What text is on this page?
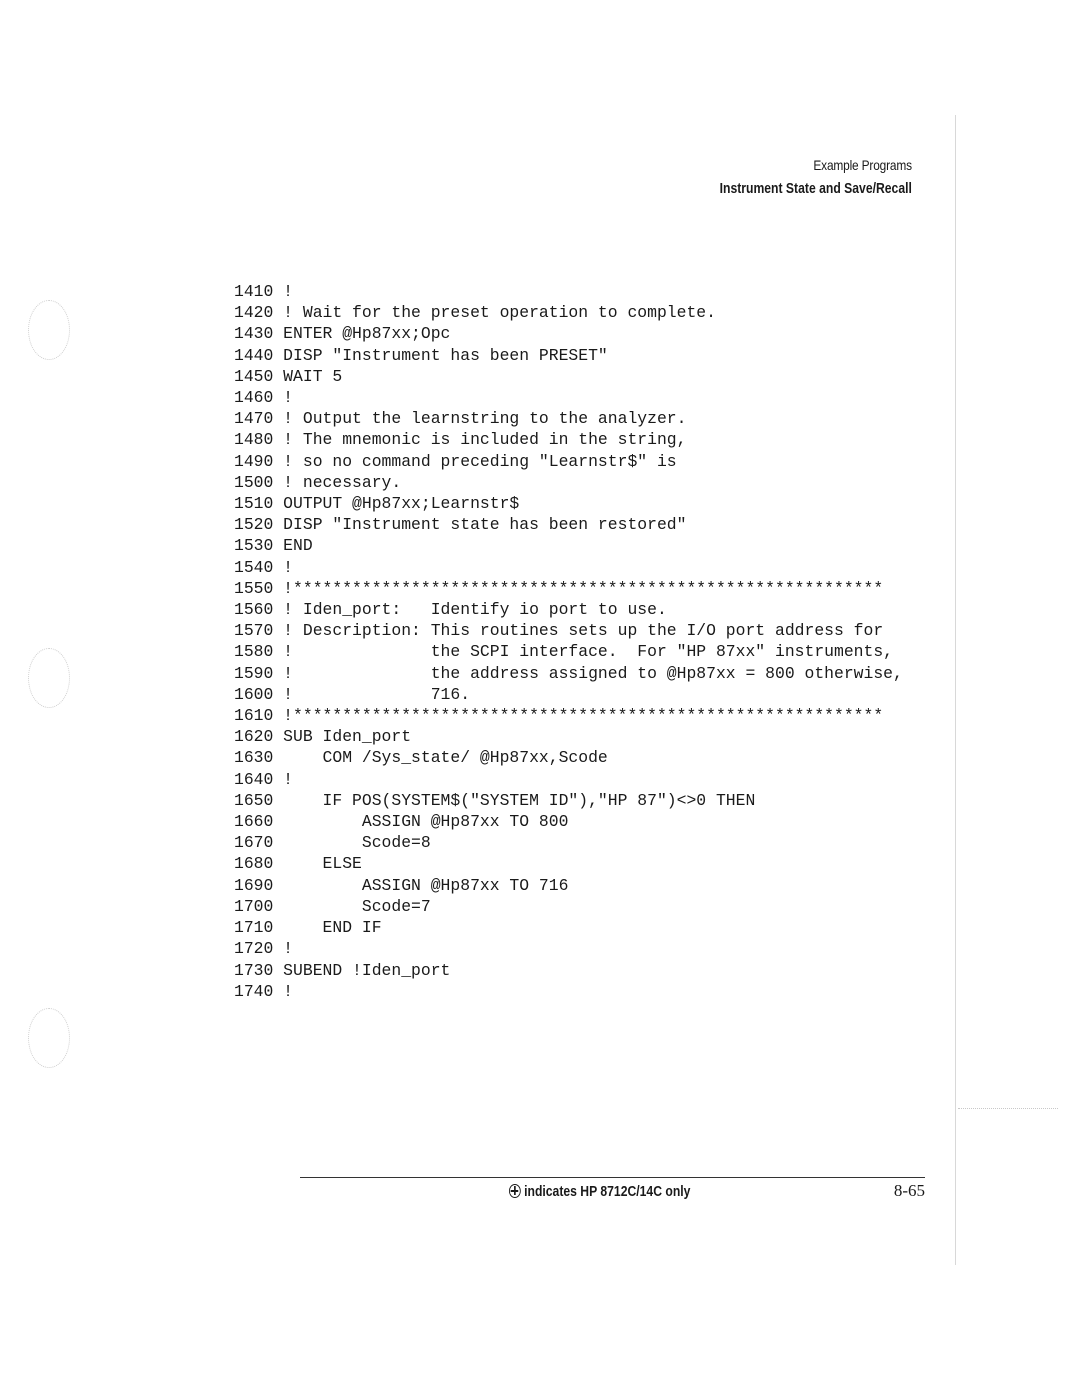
Example Programs
Instrument State and Save/Recall
1410 !
1420 ! Wait for the preset operation to complete.
1430 ENTER @Hp87xx;Opc
1440 DISP "Instrument has been PRESET"
1450 WAIT 5
1460 !
1470 ! Output the learnstring to the analyzer.
1480 ! The mnemonic is included in the string,
1490 ! so no command preceding "Learnstr$" is
1500 ! necessary.
1510 OUTPUT @Hp87xx;Learnstr$
1520 DISP "Instrument state has been restored"
1530 END
1540 !
1550 !************************************************************
1560 ! Iden_port:   Identify io port to use.
1570 ! Description: This routines sets up the I/O port address for
1580 !              the SCPI interface.  For "HP 87xx" instruments,
1590 !              the address assigned to @Hp87xx = 800 otherwise,
1600 !              716.
1610 !************************************************************
1620 SUB Iden_port
1630     COM /Sys_state/ @Hp87xx,Scode
1640 !
1650     IF POS(SYSTEM$("SYSTEM ID"),"HP 87")<>0 THEN
1660         ASSIGN @Hp87xx TO 800
1670         Scode=8
1680     ELSE
1690         ASSIGN @Hp87xx TO 716
1700         Scode=7
1710     END IF
1720 !
1730 SUBEND !Iden_port
1740 !
indicates HP 8712C/14C only	8-65
